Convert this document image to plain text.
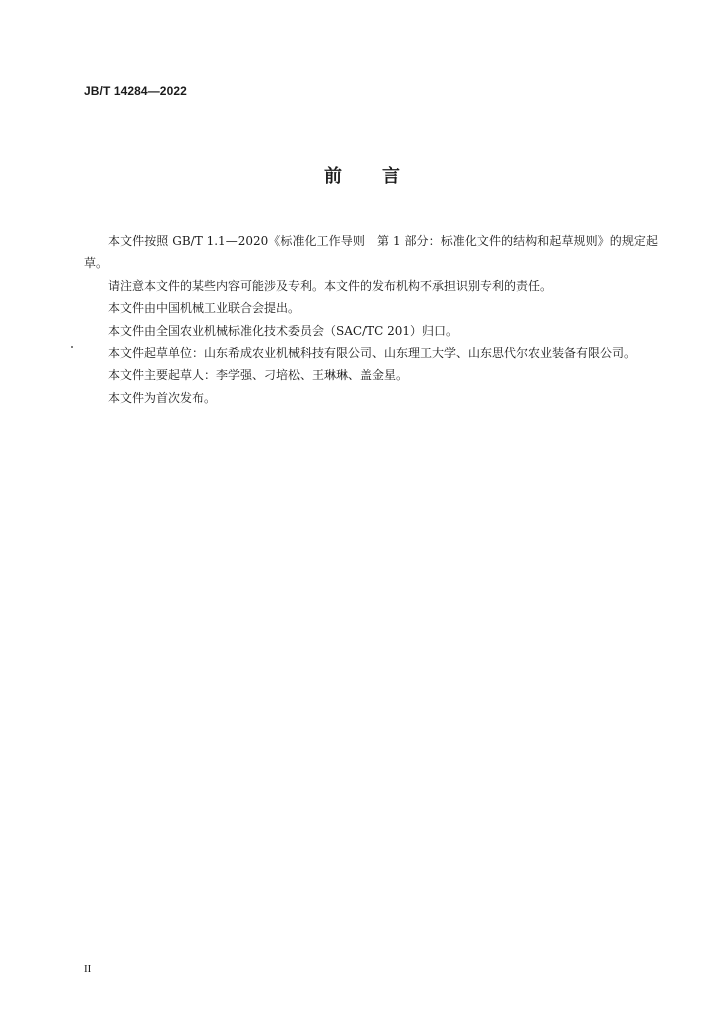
JB/T 14284—2022
前言

本文件按照 GB/T 1.1—2020《标准化工作导则　第 1 部分：标准化文件的结构和起草规则》的规定起草。

请注意本文件的某些内容可能涉及专利。本文件的发布机构不承担识别专利的责任。

本文件由中国机械工业联合会提出。

本文件由全国农业机械标准化技术委员会（SAC/TC 201）归口。

本文件起草单位：山东希成农业机械科技有限公司、山东理工大学、山东思代尔农业装备有限公司。

本文件主要起草人：李学强、刁培松、王琳琳、盖金星。

本文件为首次发布。

II
